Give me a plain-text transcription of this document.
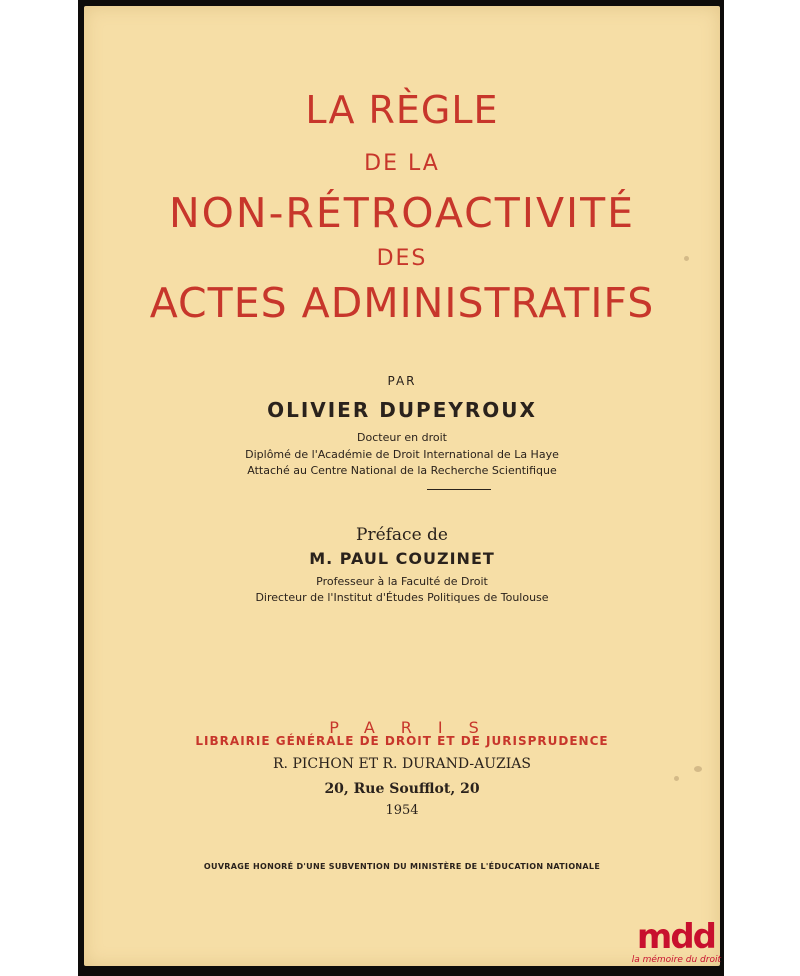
LA RÈGLE
DE LA
NON-RÉTROACTIVITÉ
DES
ACTES ADMINISTRATIFS
PAR
OLIVIER DUPEYROUX
Docteur en droit
Diplômé de l'Académie de Droit International de La Haye
Attaché au Centre National de la Recherche Scientifique
Préface de
M. PAUL COUZINET
Professeur à la Faculté de Droit
Directeur de l'Institut d'Études Politiques de Toulouse
PARIS
LIBRAIRIE GÉNÉRALE DE DROIT ET DE JURISPRUDENCE
R. PICHON ET R. DURAND-AUZIAS
20, Rue Soufflot, 20
1954
OUVRAGE HONORÉ D'UNE SUBVENTION DU MINISTÈRE DE L'ÉDUCATION NATIONALE
mdd
la mémoire du droit
